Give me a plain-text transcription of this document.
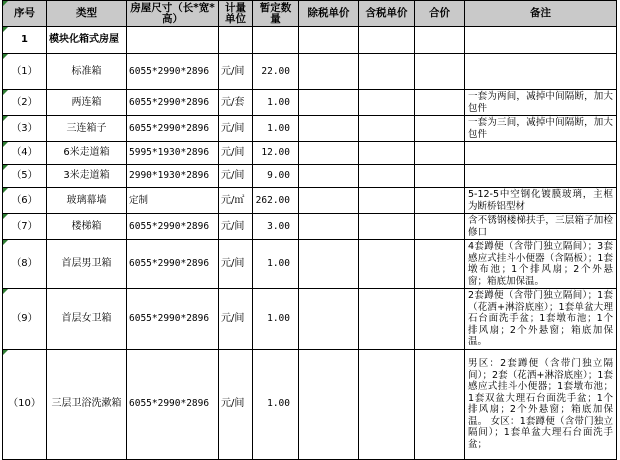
序号	类型	房屋尺寸（长*宽*高）	计量单位	暂定数量	除税单价	含税单价	合价	备注
1	模块化箱式房屋							
（1）	标准箱	6055*2990*2896	元/间	22.00				
（2）	两连箱	6055*2990*2896	元/套	1.00				一套为两间，减掉中间隔断，加大包件
（3）	三连箱子	6055*2990*2896	元/间	1.00				一套为三间，减掉中间隔断，加大包件
（4）	6米走道箱	5995*1930*2896	元/间	12.00				
（5）	3米走道箱	2990*1930*2896	元/间	9.00				
（6）	玻璃幕墙	定制	元/㎡	262.00				5-12-5中空钢化镀膜玻璃，主框为断桥铝型材
（7）	楼梯箱	6055*2990*2896	元/间	3.00				含不锈钢楼梯扶手，三层箱子加检修口
（8）	首层男卫箱	6055*2990*2896	元/间	1.00				4套蹲便（含带门独立隔间）；3套感应式挂斗小便器（含隔板）；1套墩布池；1个排风扇；2个外悬窗；箱底加保温。
（9）	首层女卫箱	6055*2990*2896	元/间	1.00				2套蹲便（含带门独立隔间）；1套（花洒+淋浴底座）；1套单盆大理石台面洗手盆；1套墩布池；1个排风扇；2个外悬窗；箱底加保温。
（10）	三层卫浴洗漱箱	6055*2990*2896	元/间	1.00				男区：2套蹲便（含带门独立隔间）；2套（花洒+淋浴底座）；1套感应式挂斗小便器；1套墩布池；1套双盆大理石台面洗手盆；1个排风扇；2个外悬窗；箱底加保温。 女区：1套蹲便（含带门独立隔间）；1套单盆大理石台面洗手盆；
